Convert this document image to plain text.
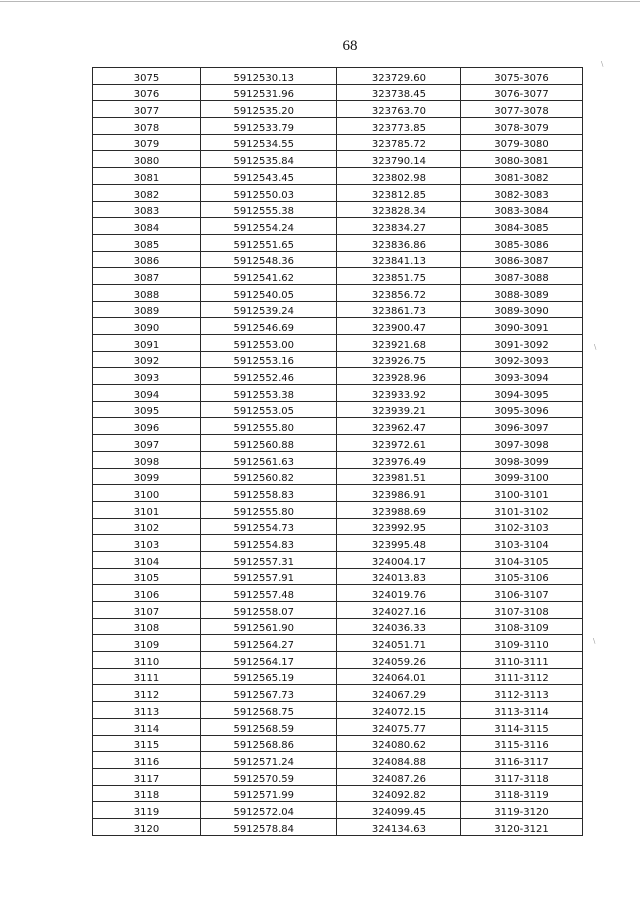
68
3075	5912530.13	323729.60	3075-3076
3076	5912531.96	323738.45	3076-3077
3077	5912535.20	323763.70	3077-3078
3078	5912533.79	323773.85	3078-3079
3079	5912534.55	323785.72	3079-3080
3080	5912535.84	323790.14	3080-3081
3081	5912543.45	323802.98	3081-3082
3082	5912550.03	323812.85	3082-3083
3083	5912555.38	323828.34	3083-3084
3084	5912554.24	323834.27	3084-3085
3085	5912551.65	323836.86	3085-3086
3086	5912548.36	323841.13	3086-3087
3087	5912541.62	323851.75	3087-3088
3088	5912540.05	323856.72	3088-3089
3089	5912539.24	323861.73	3089-3090
3090	5912546.69	323900.47	3090-3091
3091	5912553.00	323921.68	3091-3092
3092	5912553.16	323926.75	3092-3093
3093	5912552.46	323928.96	3093-3094
3094	5912553.38	323933.92	3094-3095
3095	5912553.05	323939.21	3095-3096
3096	5912555.80	323962.47	3096-3097
3097	5912560.88	323972.61	3097-3098
3098	5912561.63	323976.49	3098-3099
3099	5912560.82	323981.51	3099-3100
3100	5912558.83	323986.91	3100-3101
3101	5912555.80	323988.69	3101-3102
3102	5912554.73	323992.95	3102-3103
3103	5912554.83	323995.48	3103-3104
3104	5912557.31	324004.17	3104-3105
3105	5912557.91	324013.83	3105-3106
3106	5912557.48	324019.76	3106-3107
3107	5912558.07	324027.16	3107-3108
3108	5912561.90	324036.33	3108-3109
3109	5912564.27	324051.71	3109-3110
3110	5912564.17	324059.26	3110-3111
3111	5912565.19	324064.01	3111-3112
3112	5912567.73	324067.29	3112-3113
3113	5912568.75	324072.15	3113-3114
3114	5912568.59	324075.77	3114-3115
3115	5912568.86	324080.62	3115-3116
3116	5912571.24	324084.88	3116-3117
3117	5912570.59	324087.26	3117-3118
3118	5912571.99	324092.82	3118-3119
3119	5912572.04	324099.45	3119-3120
3120	5912578.84	324134.63	3120-3121
\
\
\
